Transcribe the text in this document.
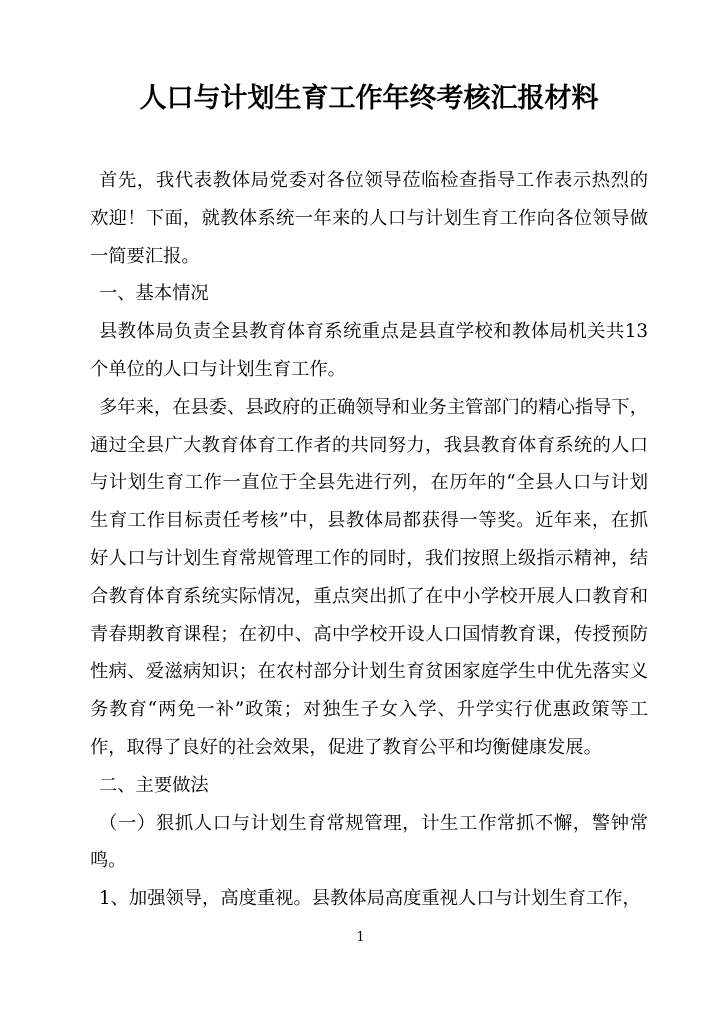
人口与计划生育工作年终考核汇报材料
首先，我代表教体局党委对各位领导莅临检查指导工作表示热烈的
欢迎！下面，就教体系统一年来的人口与计划生育工作向各位领导做
一简要汇报。
一、基本情况
县教体局负责全县教育体育系统重点是县直学校和教体局机关共13
个单位的人口与计划生育工作。
多年来，在县委、县政府的正确领导和业务主管部门的精心指导下，
通过全县广大教育体育工作者的共同努力，我县教育体育系统的人口
与计划生育工作一直位于全县先进行列，在历年的“全县人口与计划
生育工作目标责任考核”中，县教体局都获得一等奖。近年来，在抓
好人口与计划生育常规管理工作的同时，我们按照上级指示精神，结
合教育体育系统实际情况，重点突出抓了在中小学校开展人口教育和
青春期教育课程；在初中、高中学校开设人口国情教育课，传授预防
性病、爱滋病知识；在农村部分计划生育贫困家庭学生中优先落实义
务教育“两免一补”政策；对独生子女入学、升学实行优惠政策等工
作，取得了良好的社会效果，促进了教育公平和均衡健康发展。
二、主要做法
（一）狠抓人口与计划生育常规管理，计生工作常抓不懈，警钟常
鸣。
1、加强领导，高度重视。县教体局高度重视人口与计划生育工作，
1
